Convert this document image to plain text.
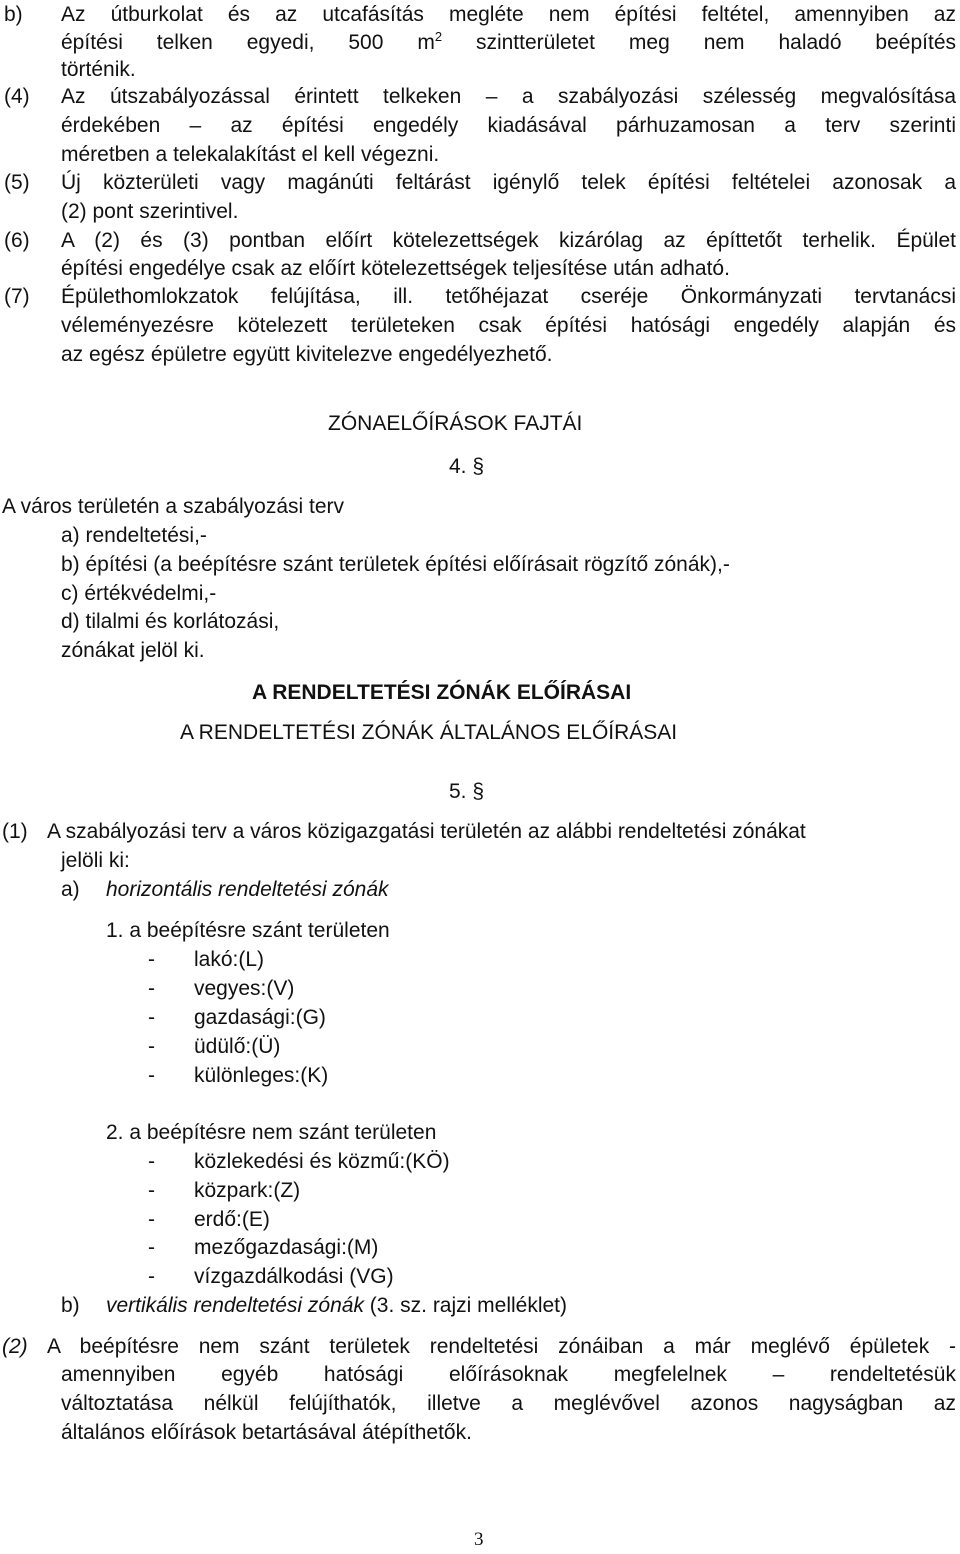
b) Az útburkolat és az utcafásítás megléte nem építési feltétel, amennyiben az
építési telken egyedi, 500 $m^2$ szintterületet meg nem haladó beépítés
történik.
(4) Az útszabályozással érintett telkeken – a szabályozási szélesség megvalósítása
érdekében – az építési engedély kiadásával párhuzamosan a terv szerinti
méretben a telekalakítást el kell végezni.
(5) Új közterületi vagy magánúti feltárást igénylő telek építési feltételei azonosak a
(2) pont szerintivel.
(6) A (2) és (3) pontban előírt kötelezettségek kizárólag az építtetőt terhelik. Épület
építési engedélye csak az előírt kötelezettségek teljesítése után adható.
(7) Épülethomlokzatok felújítása, ill. tetőhéjazat cseréje Önkormányzati tervtanácsi
véleményezésre kötelezett területeken csak építési hatósági engedély alapján és
az egész épületre együtt kivitelezve engedélyezhető.
ZÓNAELŐÍRÁSOK FAJTÁI
4. §
A város területén a szabályozási terv
a) rendeltetési,-
b) építési (a beépítésre szánt területek építési előírásait rögzítő zónák),-
c) értékvédelmi,-
d) tilalmi és korlátozási,
zónákat jelöl ki.
A RENDELTETÉSI ZÓNÁK ELŐÍRÁSAI
A RENDELTETÉSI ZÓNÁK ÁLTALÁNOS ELŐÍRÁSAI
5. §
(1) A szabályozási terv a város közigazgatási területén az alábbi rendeltetési zónákat
jelöli ki:
a) horizontális rendeltetési zónák
1. a beépítésre szánt területen
- lakó:(L)
- vegyes:(V)
- gazdasági:(G)
- üdülő:(Ü)
- különleges:(K)
2. a beépítésre nem szánt területen
- közlekedési és közmű:(KÖ)
- közpark:(Z)
- erdő:(E)
- mezőgazdasági:(M)
- vízgazdálkodási (VG)
b) vertikális rendeltetési zónák (3. sz. rajzi melléklet)
(2) A beépítésre nem szánt területek rendeltetési zónáiban a már meglévő épületek -
amennyiben egyéb hatósági előírásoknak megfelelnek – rendeltetésük
változtatása nélkül felújíthatók, illetve a meglévővel azonos nagyságban az
általános előírások betartásával átépíthetők.
3
